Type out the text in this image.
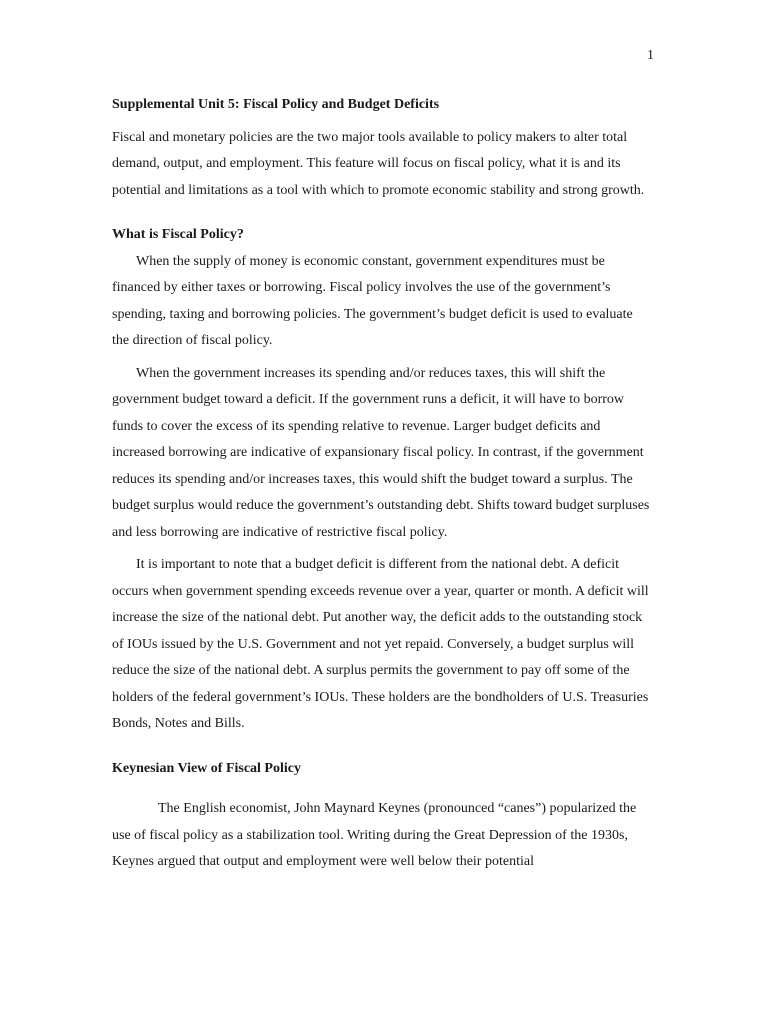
1

Supplemental Unit 5: Fiscal Policy and Budget Deficits

Fiscal and monetary policies are the two major tools available to policy makers to alter total demand, output, and employment. This feature will focus on fiscal policy, what it is and its potential and limitations as a tool with which to promote economic stability and strong growth.

What is Fiscal Policy?

When the supply of money is economic constant, government expenditures must be financed by either taxes or borrowing. Fiscal policy involves the use of the government’s spending, taxing and borrowing policies. The government’s budget deficit is used to evaluate the direction of fiscal policy.

When the government increases its spending and/or reduces taxes, this will shift the government budget toward a deficit. If the government runs a deficit, it will have to borrow funds to cover the excess of its spending relative to revenue. Larger budget deficits and increased borrowing are indicative of expansionary fiscal policy. In contrast, if the government reduces its spending and/or increases taxes, this would shift the budget toward a surplus. The budget surplus would reduce the government’s outstanding debt. Shifts toward budget surpluses and less borrowing are indicative of restrictive fiscal policy.

It is important to note that a budget deficit is different from the national debt. A deficit occurs when government spending exceeds revenue over a year, quarter or month. A deficit will increase the size of the national debt. Put another way, the deficit adds to the outstanding stock of IOUs issued by the U.S. Government and not yet repaid. Conversely, a budget surplus will reduce the size of the national debt. A surplus permits the government to pay off some of the holders of the federal government’s IOUs. These holders are the bondholders of U.S. Treasuries Bonds, Notes and Bills.

Keynesian View of Fiscal Policy

The English economist, John Maynard Keynes (pronounced “canes”) popularized the use of fiscal policy as a stabilization tool. Writing during the Great Depression of the 1930s, Keynes argued that output and employment were well below their potential
